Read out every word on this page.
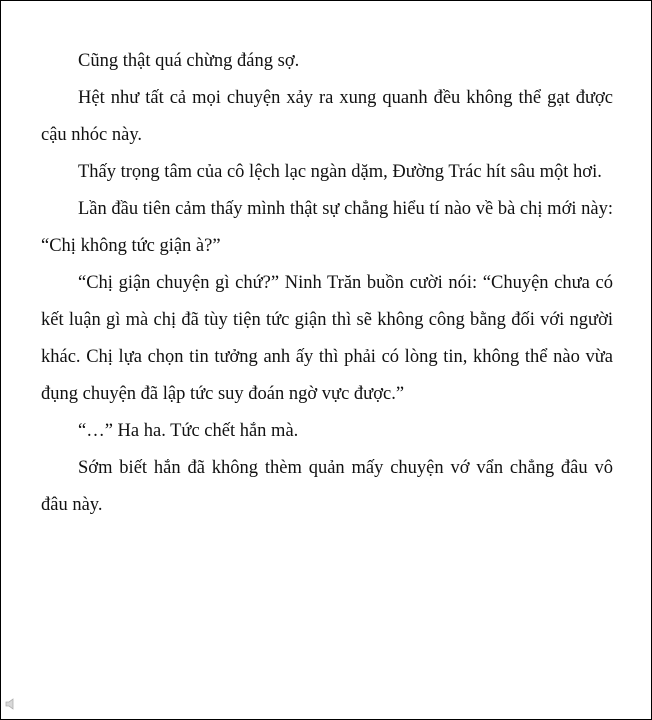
Cũng thật quá chừng đáng sợ.

Hệt như tất cả mọi chuyện xảy ra xung quanh đều không thể gạt được cậu nhóc này.

Thấy trọng tâm của cô lệch lạc ngàn dặm, Đường Trác hít sâu một hơi.

Lần đầu tiên cảm thấy mình thật sự chẳng hiểu tí nào về bà chị mới này: “Chị không tức giận à?”

“Chị giận chuyện gì chứ?” Ninh Trăn buồn cười nói: “Chuyện chưa có kết luận gì mà chị đã tùy tiện tức giận thì sẽ không công bằng đối với người khác. Chị lựa chọn tin tưởng anh ấy thì phải có lòng tin, không thể nào vừa đụng chuyện đã lập tức suy đoán ngờ vực được.”

“…” Ha ha. Tức chết hắn mà.

Sớm biết hắn đã không thèm quản mấy chuyện vớ vẩn chẳng đâu vô đâu này.
